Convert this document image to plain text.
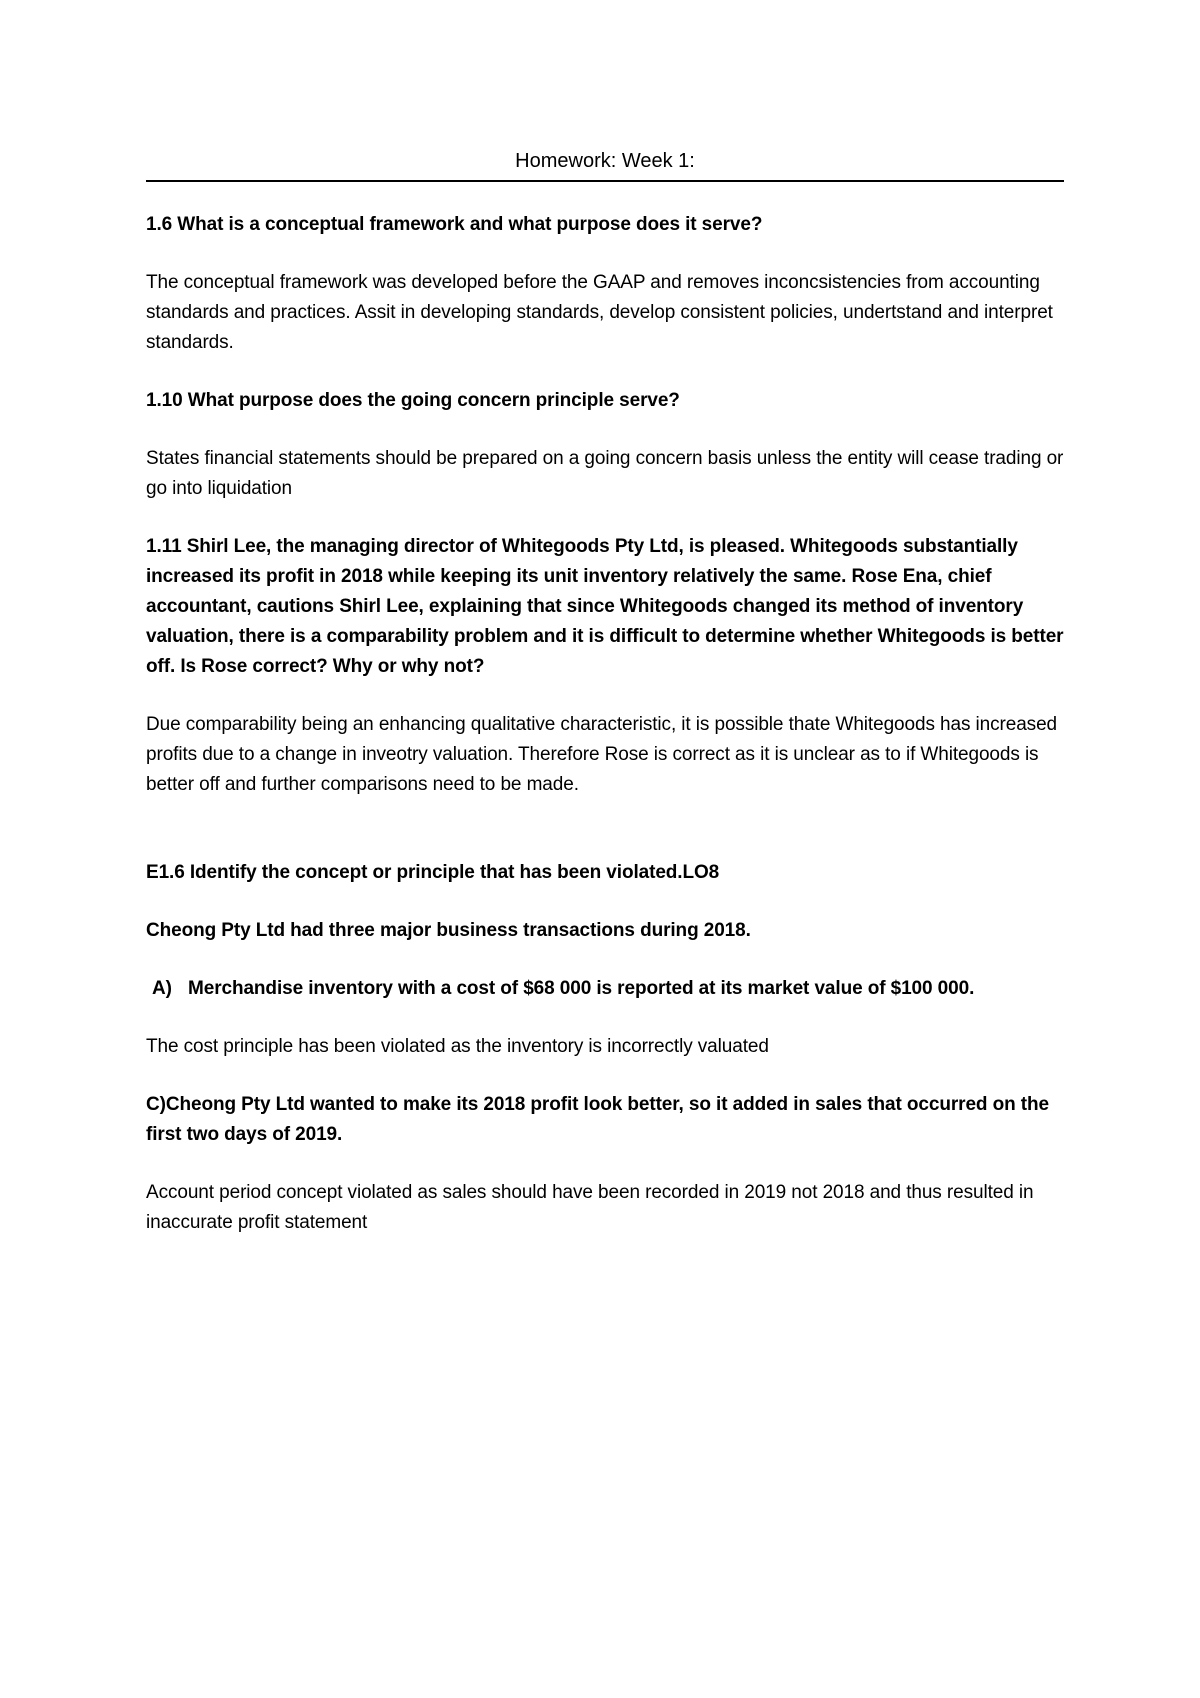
Homework: Week 1:
1.6 What is a conceptual framework and what purpose does it serve?
The conceptual framework was developed before the GAAP and removes inconcsistencies from accounting standards and practices. Assit in developing standards, develop consistent policies, undertstand and interpret standards.
1.10 What purpose does the going concern principle serve?
States financial statements should be prepared on a going concern basis unless the entity will cease trading or go into liquidation
1.11 Shirl Lee, the managing director of Whitegoods Pty Ltd, is pleased. Whitegoods substantially increased its profit in 2018 while keeping its unit inventory relatively the same. Rose Ena, chief accountant, cautions Shirl Lee, explaining that since Whitegoods changed its method of inventory valuation, there is a comparability problem and it is difficult to determine whether Whitegoods is better off. Is Rose correct? Why or why not?
Due comparability being an enhancing qualitative characteristic, it is possible thate Whitegoods has increased profits due to a change in inveotry valuation. Therefore Rose is correct as it is unclear as to if Whitegoods is better off and further comparisons need to be made.
E1.6 Identify the concept or principle that has been violated.LO8
Cheong Pty Ltd had three major business transactions during 2018.
A) Merchandise inventory with a cost of $68 000 is reported at its market value of $100 000.
The cost principle has been violated as the inventory is incorrectly valuated
C)Cheong Pty Ltd wanted to make its 2018 profit look better, so it added in sales that occurred on the first two days of 2019.
Account period concept violated as sales should have been recorded in 2019 not 2018 and thus resulted in inaccurate profit statement
